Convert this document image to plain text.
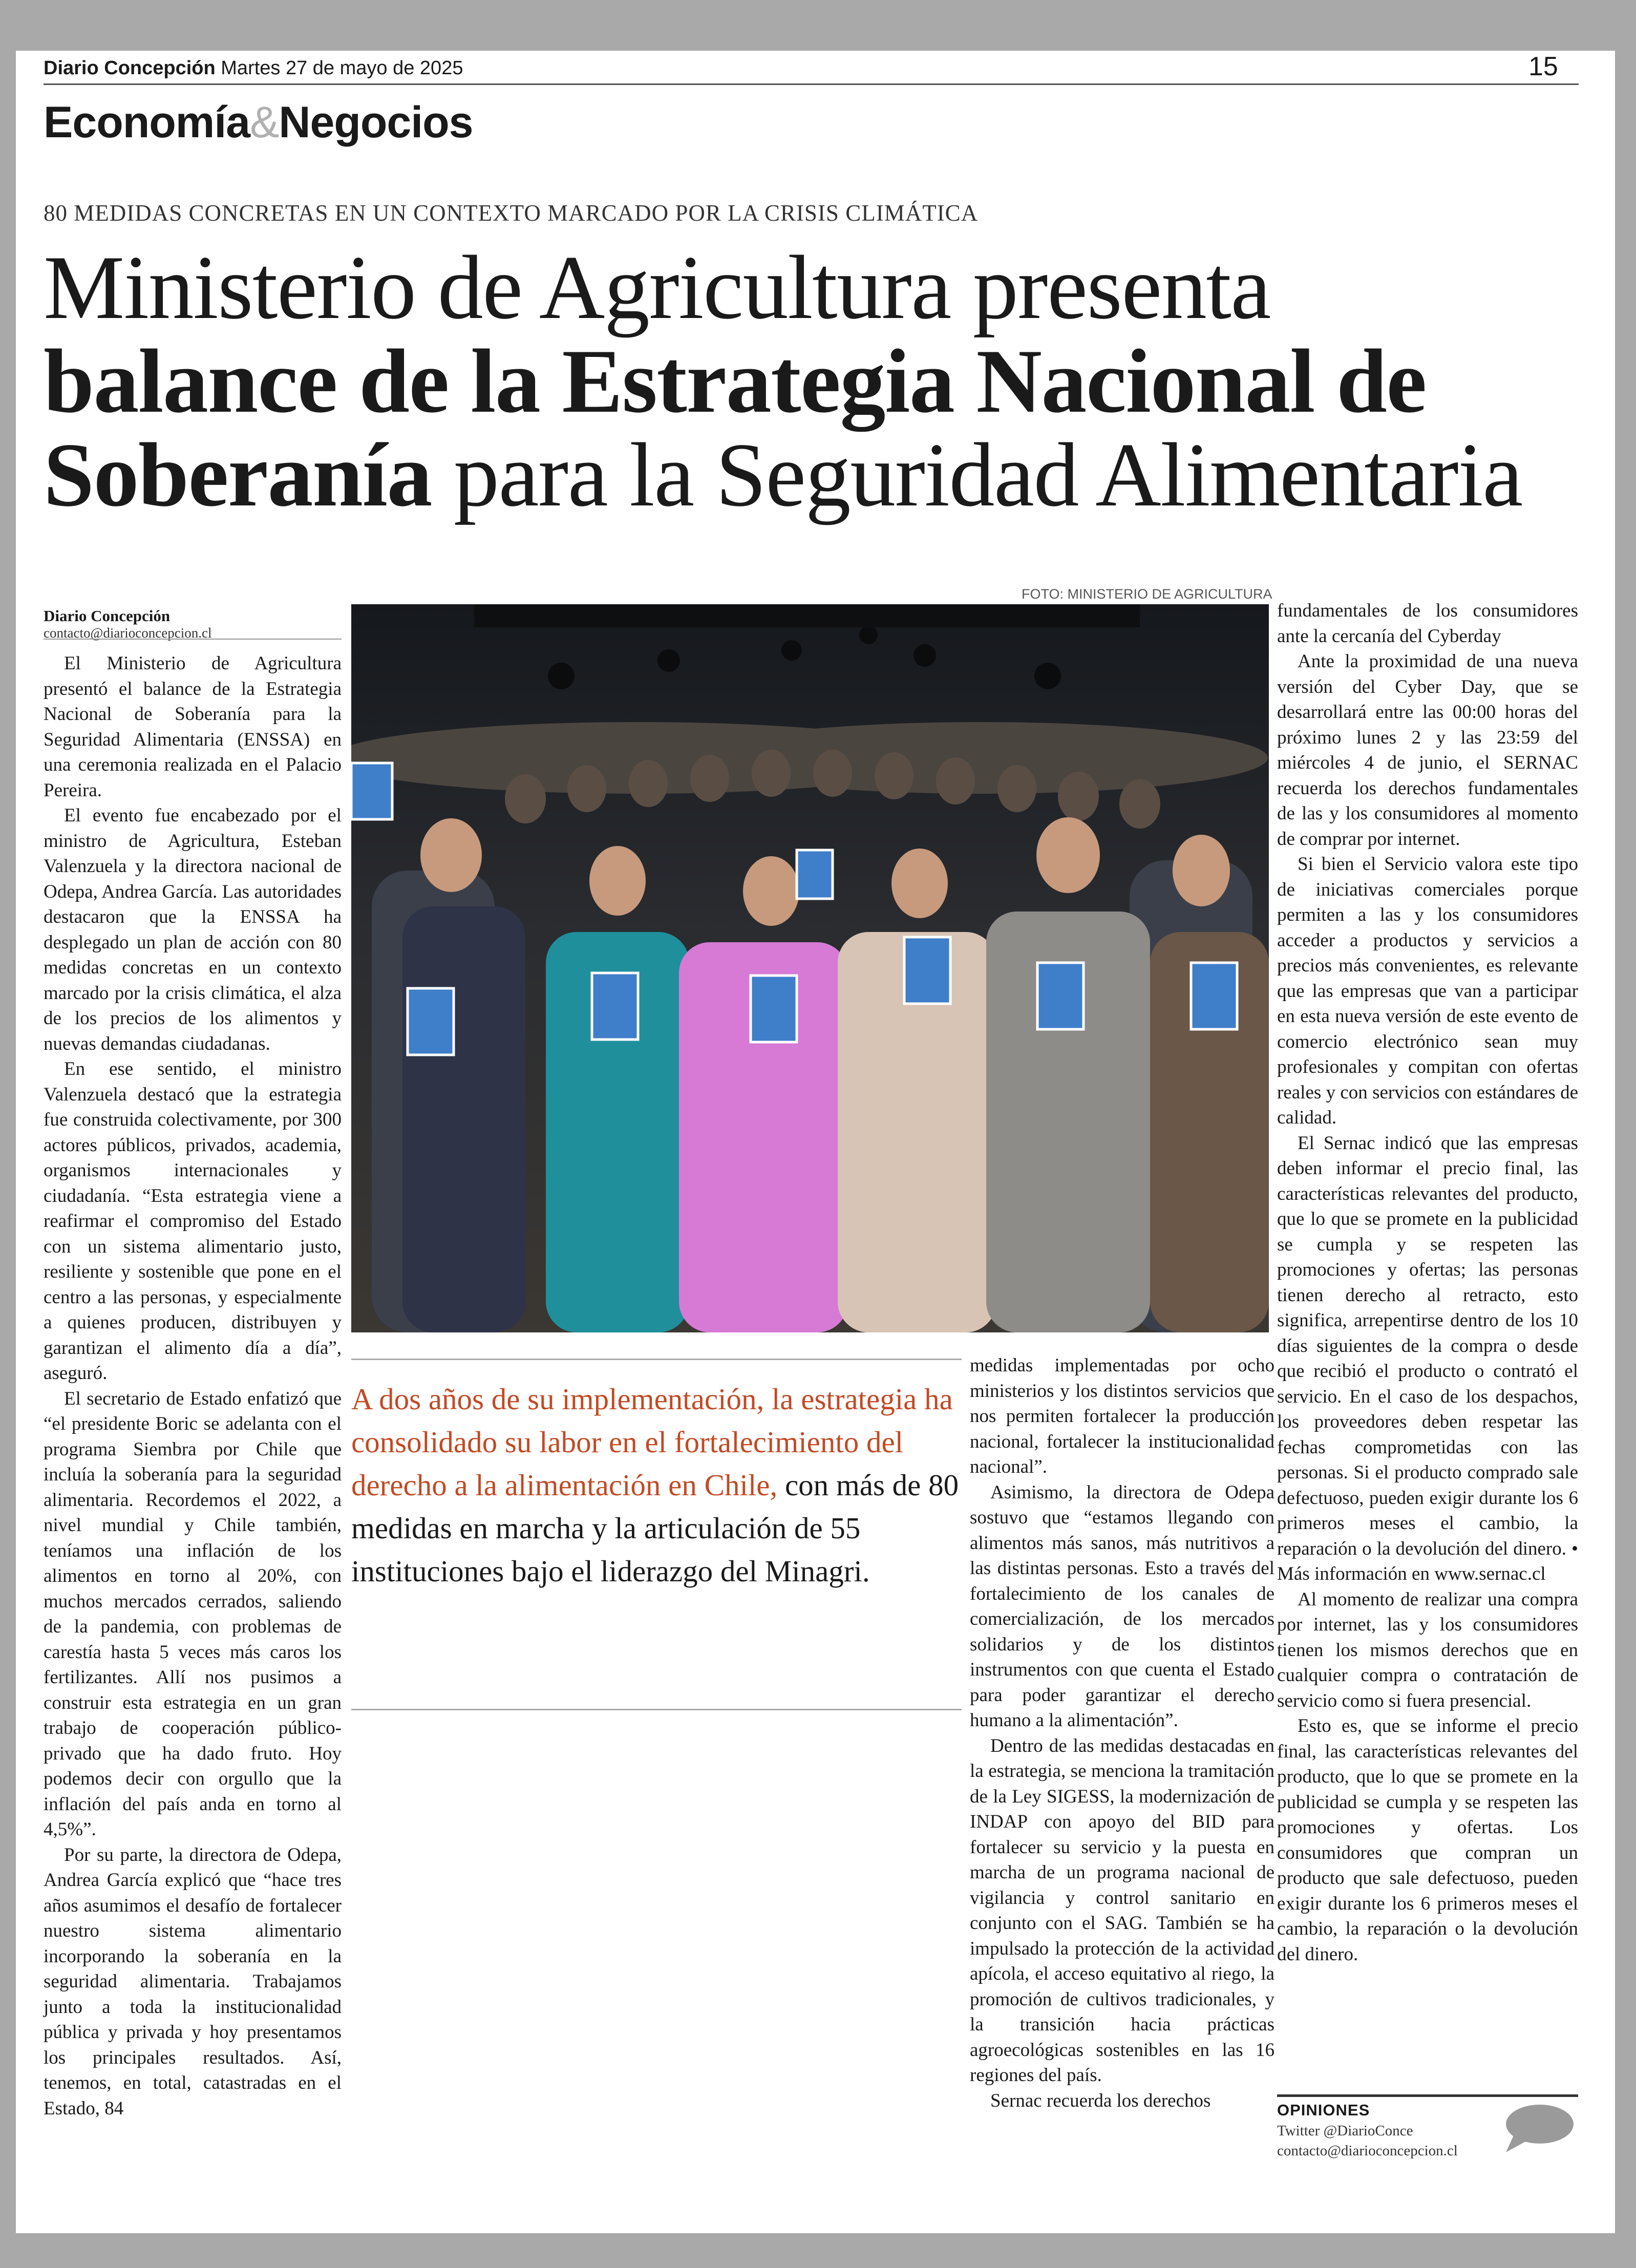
Diario Concepción Martes 27 de mayo de 2025	15
Economía&Negocios
80 MEDIDAS CONCRETAS EN UN CONTEXTO MARCADO POR LA CRISIS CLIMÁTICA
Ministerio de Agricultura presenta
balance de la Estrategia Nacional de
Soberanía para la Seguridad Alimentaria
FOTO: MINISTERIO DE AGRICULTURA
Diario Concepción
contacto@diarioconcepcion.cl

El Ministerio de Agricultura presentó el balance de la Estrategia Nacional de Soberanía para la Seguridad Alimentaria (ENSSA) en una ceremonia realizada en el Palacio Pereira.

El evento fue encabezado por el ministro de Agricultura, Esteban Valenzuela y la directora nacional de Odepa, Andrea García. Las autoridades destacaron que la ENSSA ha desplegado un plan de acción con 80 medidas concretas en un contexto marcado por la crisis climática, el alza de los precios de los alimentos y nuevas demandas ciudadanas.

En ese sentido, el ministro Valenzuela destacó que la estrategia fue construida colectivamente, por 300 actores públicos, privados, academia, organismos internacionales y ciudadanía. “Esta estrategia viene a reafirmar el compromiso del Estado con un sistema alimentario justo, resiliente y sostenible que pone en el centro a las personas, y especialmente a quienes producen, distribuyen y garantizan el alimento día a día”, aseguró.

El secretario de Estado enfatizó que “el presidente Boric se adelanta con el programa Siembra por Chile que incluía la soberanía para la seguridad alimentaria. Recordemos el 2022, a nivel mundial y Chile también, teníamos una inflación de los alimentos en torno al 20%, con muchos mercados cerrados, saliendo de la pandemia, con problemas de carestía hasta 5 veces más caros los fertilizantes. Allí nos pusimos a construir esta estrategia en un gran trabajo de cooperación público-privado que ha dado fruto. Hoy podemos decir con orgullo que la inflación del país anda en torno al 4,5%”.

Por su parte, la directora de Odepa, Andrea García explicó que “hace tres años asumimos el desafío de fortalecer nuestro sistema alimentario incorporando la soberanía en la seguridad alimentaria. Trabajamos junto a toda la institucionalidad pública y privada y hoy presentamos los principales resultados. Así, tenemos, en total, catastradas en el Estado, 84

A dos años de su implementación, la estrategia ha consolidado su labor en el fortalecimiento del derecho a la alimentación en Chile, con más de 80 medidas en marcha y la articulación de 55 instituciones bajo el liderazgo del Minagri.

medidas implementadas por ocho ministerios y los distintos servicios que nos permiten fortalecer la producción nacional, fortalecer la institucionalidad nacional”.

Asimismo, la directora de Odepa sostuvo que “estamos llegando con alimentos más sanos, más nutritivos a las distintas personas. Esto a través del fortalecimiento de los canales de comercialización, de los mercados solidarios y de los distintos instrumentos con que cuenta el Estado para poder garantizar el derecho humano a la alimentación”.

Dentro de las medidas destacadas en la estrategia, se menciona la tramitación de la Ley SIGESS, la modernización de INDAP con apoyo del BID para fortalecer su servicio y la puesta en marcha de un programa nacional de vigilancia y control sanitario en conjunto con el SAG. También se ha impulsado la protección de la actividad apícola, el acceso equitativo al riego, la promoción de cultivos tradicionales, y la transición hacia prácticas agroecológicas sostenibles en las 16 regiones del país.

Sernac recuerda los derechos

fundamentales de los consumidores ante la cercanía del Cyberday

Ante la proximidad de una nueva versión del Cyber Day, que se desarrollará entre las 00:00 horas del próximo lunes 2 y las 23:59 del miércoles 4 de junio, el SERNAC recuerda los derechos fundamentales de las y los consumidores al momento de comprar por internet.

Si bien el Servicio valora este tipo de iniciativas comerciales porque permiten a las y los consumidores acceder a productos y servicios a precios más convenientes, es relevante que las empresas que van a participar en esta nueva versión de este evento de comercio electrónico sean muy profesionales y compitan con ofertas reales y con servicios con estándares de calidad.

El Sernac indicó que las empresas deben informar el precio final, las características relevantes del producto, que lo que se promete en la publicidad se cumpla y se respeten las promociones y ofertas; las personas tienen derecho al retracto, esto significa, arrepentirse dentro de los 10 días siguientes de la compra o desde que recibió el producto o contrató el servicio. En el caso de los despachos, los proveedores deben respetar las fechas comprometidas con las personas. Si el producto comprado sale defectuoso, pueden exigir durante los 6 primeros meses el cambio, la reparación o la devolución del dinero. • Más información en www.sernac.cl

Al momento de realizar una compra por internet, las y los consumidores tienen los mismos derechos que en cualquier compra o contratación de servicio como si fuera presencial.

Esto es, que se informe el precio final, las características relevantes del producto, que lo que se promete en la publicidad se cumpla y se respeten las promociones y ofertas. Los consumidores que compran un producto que sale defectuoso, pueden exigir durante los 6 primeros meses el cambio, la reparación o la devolución del dinero.

OPINIONES
Twitter @DiarioConce
contacto@diarioconcepcion.cl
